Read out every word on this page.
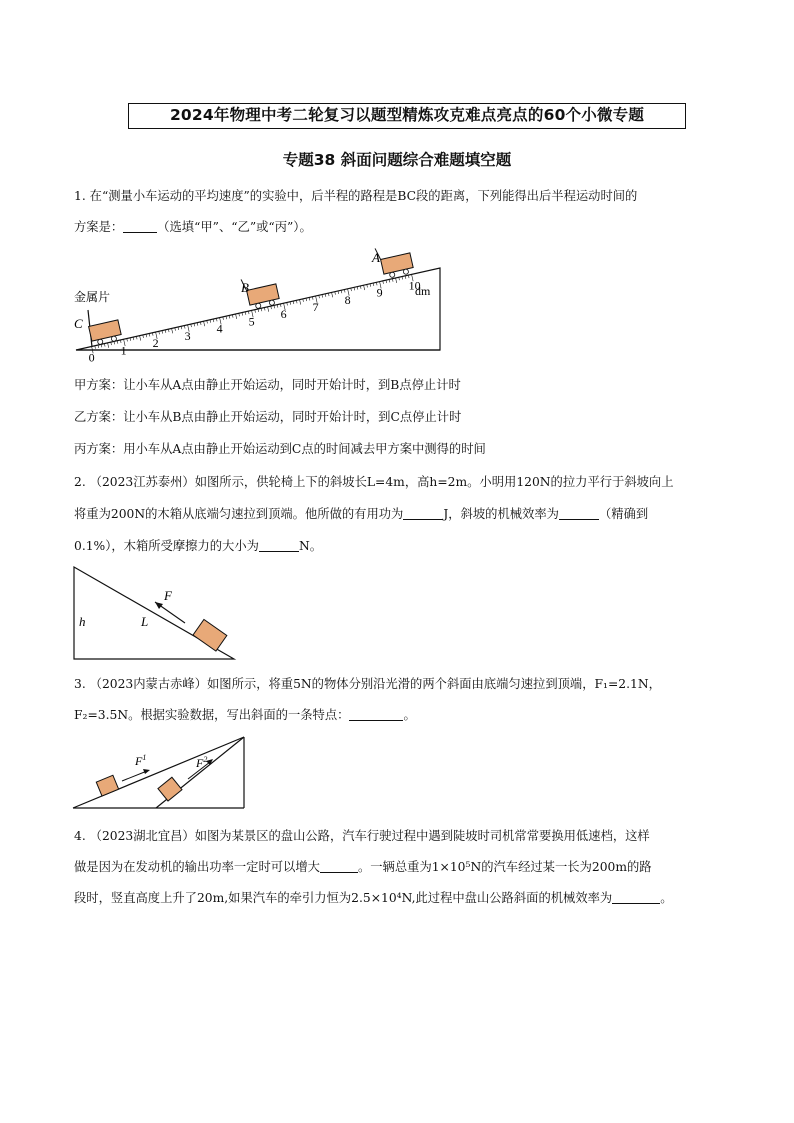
2024年物理中考二轮复习以题型精炼攻克难点亮点的60个小微专题
专题38 斜面问题综合难题填空题
1. 在“测量小车运动的平均速度”的实验中，后半程的路程是BC段的距离，下列能得出后半程运动时间的
方案是：	（选填“甲”、“乙”或“丙”）。
0
1
2
3
4
5
6
7
8
9
10
dm
金属片
C
B
A
甲方案：让小车从A点由静止开始运动，同时开始计时，到B点停止计时
乙方案：让小车从B点由静止开始运动，同时开始计时，到C点停止计时
丙方案：用小车从A点由静止开始运动到C点的时间减去甲方案中测得的时间
2. （2023江苏泰州）如图所示，供轮椅上下的斜坡长L=4m，高h=2m。小明用120N的拉力平行于斜坡向上
将重为200N的木箱从底端匀速拉到顶端。他所做的有用功为	J，斜坡的机械效率为	（精确到
0.1%），木箱所受摩擦力的大小为	N。
F
h	L
3. （2023内蒙古赤峰）如图所示，将重5N的物体分别沿光滑的两个斜面由底端匀速拉到顶端，F₁=2.1N，
F₂=3.5N。根据实验数据，写出斜面的一条特点：	。
$F^1$	$F^2$
4. （2023湖北宜昌）如图为某景区的盘山公路，汽车行驶过程中遇到陡坡时司机常常要换用低速档，这样
做是因为在发动机的输出功率一定时可以增大	。一辆总重为1×10⁵N的汽车经过某一长为200m的路
段时，竖直高度上升了20m,如果汽车的牵引力恒为2.5×10⁴N,此过程中盘山公路斜面的机械效率为	。
